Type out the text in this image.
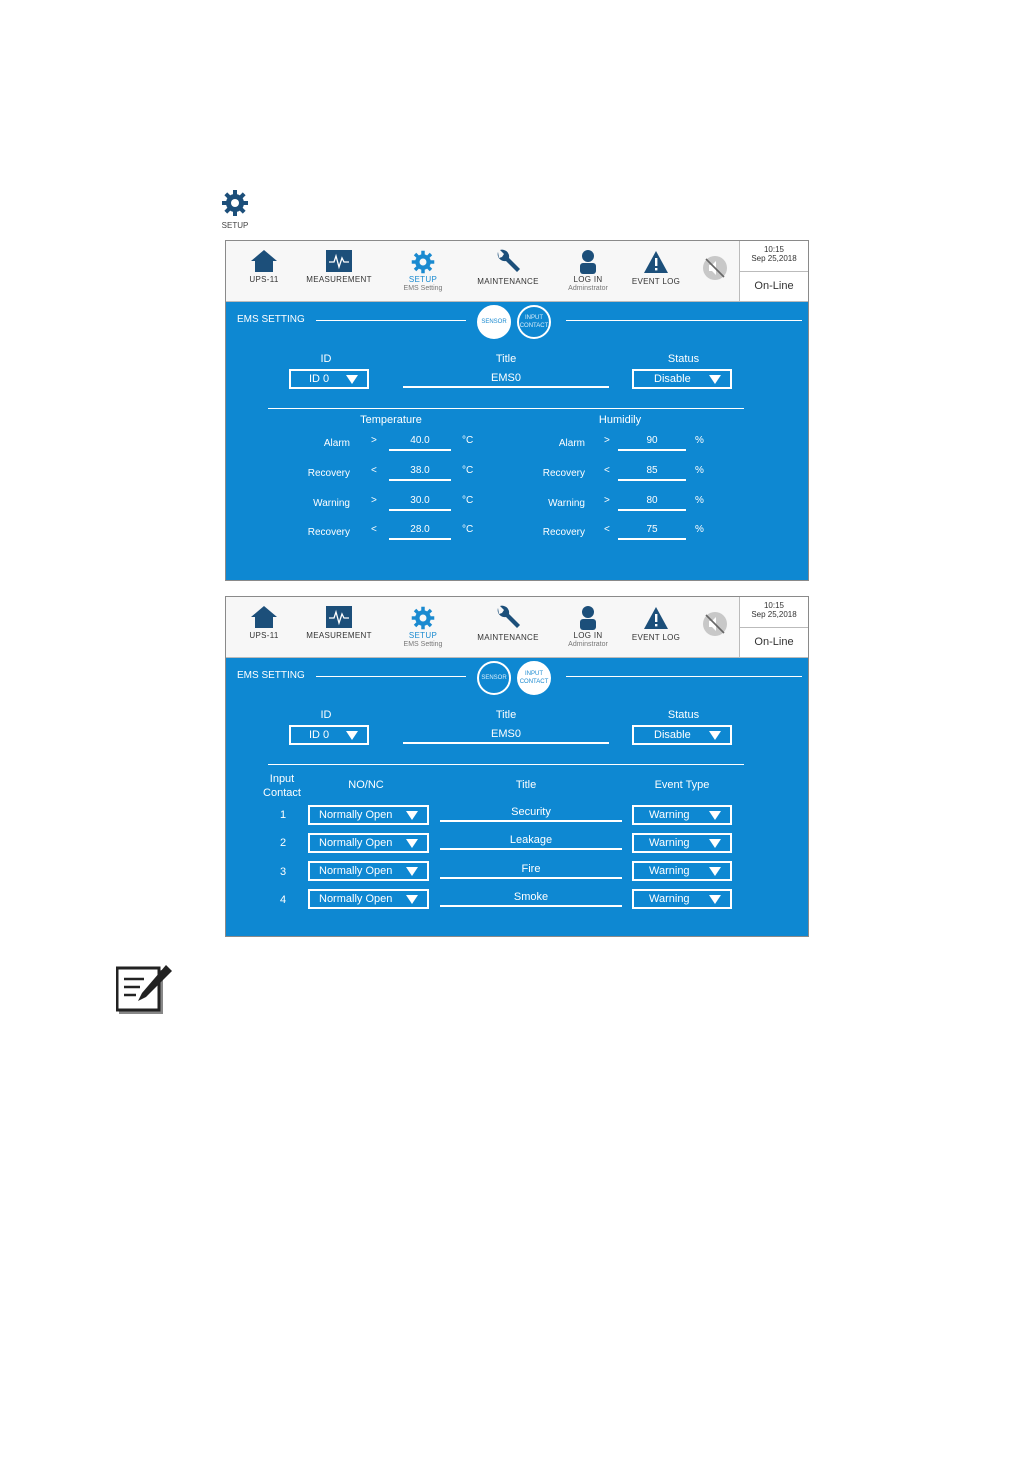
SETUP
UPS-11	MEASUREMENT	SETUP
EMS Setting
MAINTENANCE	LOG IN
Adminstrator
EVENT LOG
10:15
Sep 25,2018
On-Line
EMS SETTING	SENSOR
INPUT
CONTACT
ID
ID 0
Title
EMS0
Status
Disable
Temperature	Humidily
Alarm >	40.0	°C
Recovery <	38.0	°C
Warning >	30.0	°C
Recovery <	28.0	°C
Alarm >	90	%
Recovery <	85	%
Warning >	80	%
Recovery <	75	%
UPS-11	MEASUREMENT	SETUP
EMS Setting
MAINTENANCE	LOG IN
Adminstrator
EVENT LOG
10:15
Sep 25,2018
On-Line
EMS SETTING	SENSOR
INPUT
CONTACT
ID
ID 0
Title
EMS0
Status
Disable
Input
Contact
NO/NC	Title	Event Type
1	Normally Open	Security	Warning
2	Normally Open	Leakage	Warning
3	Normally Open	Fire	Warning
4	Normally Open	Smoke	Warning
